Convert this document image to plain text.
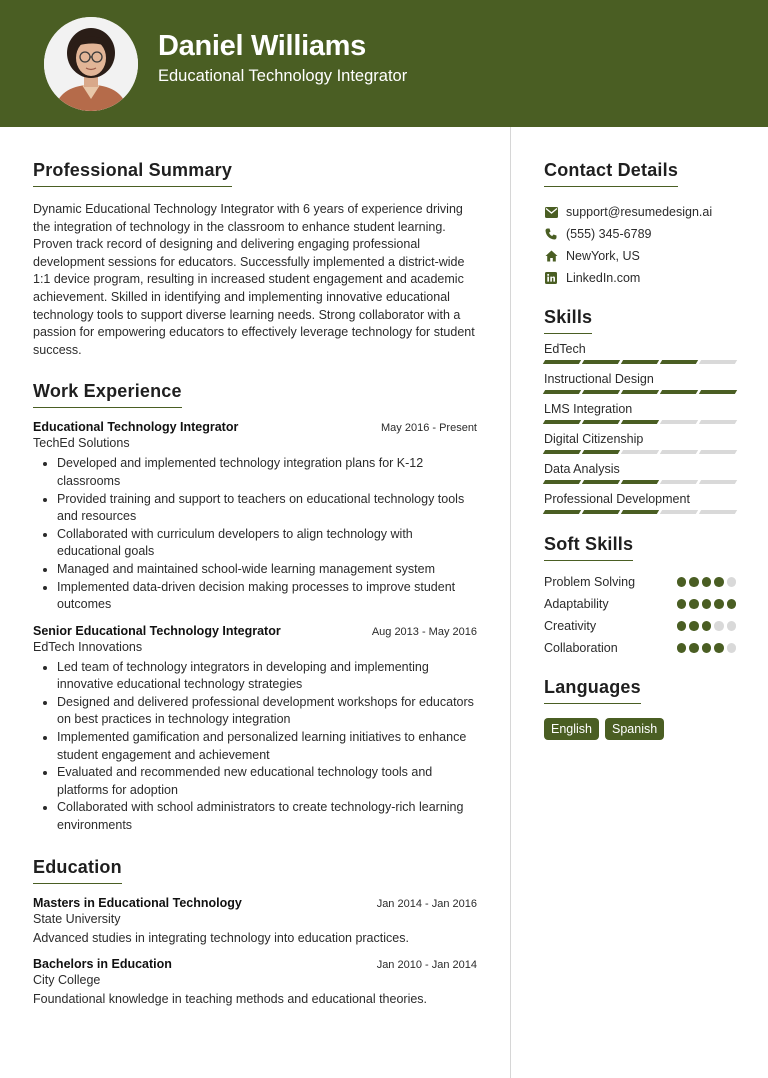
Daniel Williams
Educational Technology Integrator
Professional Summary

Dynamic Educational Technology Integrator with 6 years of experience driving the integration of technology in the classroom to enhance student learning. Proven track record of designing and delivering engaging professional development sessions for educators. Successfully implemented a district-wide 1:1 device program, resulting in increased student engagement and academic achievement. Skilled in identifying and implementing innovative educational technology tools to support diverse learning needs. Strong collaborator with a passion for empowering educators to effectively leverage technology for student success.

Work Experience
Educational Technology Integrator	May 2016 - Present
TechEd Solutions
• Developed and implemented technology integration plans for K-12 classrooms
• Provided training and support to teachers on educational technology tools and resources
• Collaborated with curriculum developers to align technology with educational goals
• Managed and maintained school-wide learning management system
• Implemented data-driven decision making processes to improve student outcomes
Senior Educational Technology Integrator	Aug 2013 - May 2016
EdTech Innovations
• Led team of technology integrators in developing and implementing innovative educational technology strategies
• Designed and delivered professional development workshops for educators on best practices in technology integration
• Implemented gamification and personalized learning initiatives to enhance student engagement and achievement
• Evaluated and recommended new educational technology tools and platforms for adoption
• Collaborated with school administrators to create technology-rich learning environments
Education
Masters in Educational Technology	Jan 2014 - Jan 2016
State University
Advanced studies in integrating technology into education practices.
Bachelors in Education	Jan 2010 - Jan 2014
City College
Foundational knowledge in teaching methods and educational theories.
Contact Details
support@resumedesign.ai
(555) 345-6789
NewYork, US
LinkedIn.com
Skills
EdTech
Instructional Design
LMS Integration
Digital Citizenship
Data Analysis
Professional Development
Soft Skills
Problem Solving
Adaptability
Creativity
Collaboration
Languages
English	Spanish
